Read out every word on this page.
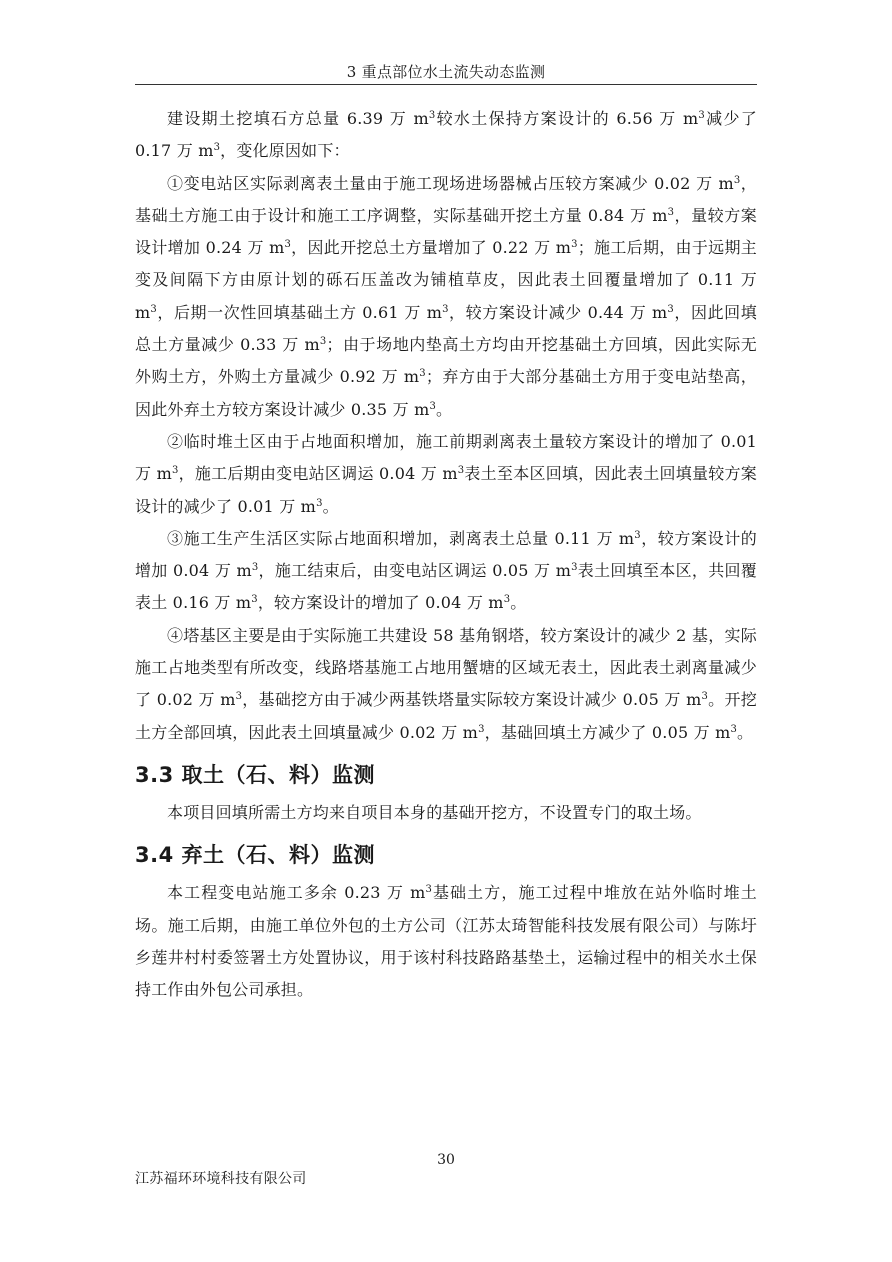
3 重点部位水土流失动态监测

建设期土挖填石方总量 6.39 万 $m^3$较水土保持方案设计的 6.56 万 $m^3$减少了 0.17 万 $m^3$，变化原因如下：

①变电站区实际剥离表土量由于施工现场进场器械占压较方案减少 0.02 万 $m^3$，基础土方施工由于设计和施工工序调整，实际基础开挖土方量 0.84 万 $m^3$，量较方案设计增加 0.24 万 $m^3$，因此开挖总土方量增加了 0.22 万 $m^3$；施工后期，由于远期主变及间隔下方由原计划的砾石压盖改为铺植草皮，因此表土回覆量增加了 0.11 万 $m^3$，后期一次性回填基础土方 0.61 万 $m^3$，较方案设计减少 0.44 万 $m^3$，因此回填总土方量减少 0.33 万 $m^3$；由于场地内垫高土方均由开挖基础土方回填，因此实际无外购土方，外购土方量减少 0.92 万 $m^3$；弃方由于大部分基础土方用于变电站垫高，因此外弃土方较方案设计减少 0.35 万 $m^3$。

②临时堆土区由于占地面积增加，施工前期剥离表土量较方案设计的增加了 0.01 万 $m^3$，施工后期由变电站区调运 0.04 万 $m^3$表土至本区回填，因此表土回填量较方案设计的减少了 0.01 万 $m^3$。

③施工生产生活区实际占地面积增加，剥离表土总量 0.11 万 $m^3$，较方案设计的增加 0.04 万 $m^3$，施工结束后，由变电站区调运 0.05 万 $m^3$表土回填至本区，共回覆表土 0.16 万 $m^3$，较方案设计的增加了 0.04 万 $m^3$。

④塔基区主要是由于实际施工共建设 58 基角钢塔，较方案设计的减少 2 基，实际施工占地类型有所改变，线路塔基施工占地用蟹塘的区域无表土，因此表土剥离量减少了 0.02 万 $m^3$，基础挖方由于减少两基铁塔量实际较方案设计减少 0.05 万 $m^3$。开挖土方全部回填，因此表土回填量减少 0.02 万 $m^3$，基础回填土方减少了 0.05 万 $m^3$。

3.3 取土（石、料）监测

本项目回填所需土方均来自项目本身的基础开挖方，不设置专门的取土场。

3.4 弃土（石、料）监测

本工程变电站施工多余 0.23 万 $m^3$基础土方，施工过程中堆放在站外临时堆土场。施工后期，由施工单位外包的土方公司（江苏太琦智能科技发展有限公司）与陈圩乡莲井村村委签署土方处置协议，用于该村科技路路基垫土，运输过程中的相关水土保持工作由外包公司承担。

30
江苏福环环境科技有限公司
